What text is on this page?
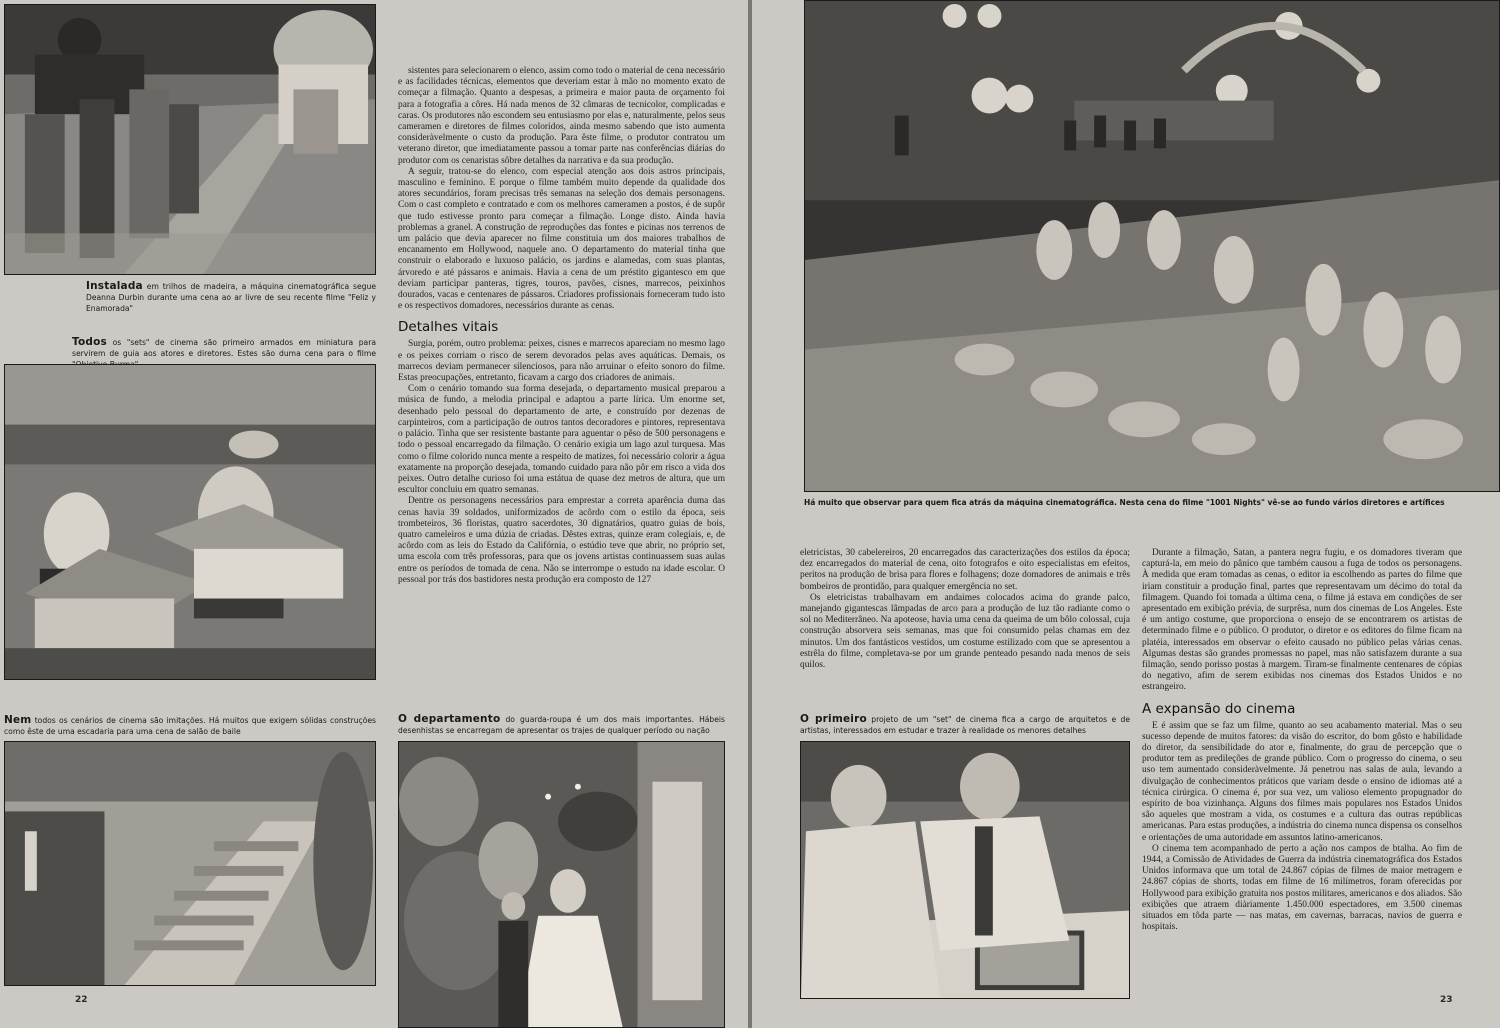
Instalada em trilhos de madeira, a máquina cinematográfica segue Deanna Durbin durante uma cena ao ar livre de seu recente filme "Feliz y Enamorada"
Todos os "sets" de cinema são primeiro armados em miniatura para servirem de guia aos atores e diretores. Estes são duma cena para o filme
Nem todos os cenários de cinema são imitações. Há muitos que exigem sólidas construções como êste de uma escadaria para uma cena de salão de baile

sistentes para selecionarem o elenco, assim como todo o material de cena necessário e as facilidades técnicas, elementos que deveriam estar à mão no momento exato de começar a filmação. Quanto a despesas, a primeira e maior pauta de orçamento foi para a fotografia a côres. Há nada menos de 32 câmaras de tecnicolor, complicadas e caras. Os produtores não escondem seu entusiasmo por elas e, naturalmente, pelos seus cameramen e diretores de filmes coloridos, ainda mesmo sabendo que isto aumenta consideràvelmente o custo da produção. Para êste filme, o produtor contratou um veterano diretor, que imediatamente passou a tomar parte nas conferências diárias do produtor com os cenaristas sôbre detalhes da narrativa e da sua produção.

A seguir, tratou-se do elenco, com especial atenção aos dois astros principais, masculino e feminino. E porque o filme também muito depende da qualidade dos atores secundários, foram precisas três semanas na seleção dos demais personagens. Com o cast completo e contratado e com os melhores cameramen a postos, é de supôr que tudo estivesse pronto para começar a filmação. Longe disto. Ainda havia problemas a granel. A construção de reproduções das fontes e picinas nos terrenos de um palácio que devia aparecer no filme constituia um dos maiores trabalhos de encanamento em Hollywood, naquele ano. O departamento do material tinha que construir o elaborado e luxuoso palácio, os jardins e alamedas, com suas plantas, árvoredo e até pássaros e animais. Havia a cena de um préstito gigantesco em que deviam participar panteras, tigres, touros, pavões, cisnes, marrecos, peixinhos dourados, vacas e centenares de pássaros. Criadores profissionais forneceram tudo isto e os respectivos domadores, necessários durante as cenas.

Detalhes vitais

Surgia, porém, outro problema: peixes, cisnes e marrecos apareciam no mesmo lago e os peixes corriam o risco de serem devorados pelas aves aquáticas. Demais, os marrecos deviam permanecer silenciosos, para não arruinar o efeito sonoro do filme. Estas preocupações, entretanto, ficavam a cargo dos criadores de animais.

Com o cenário tomando sua forma desejada, o departamento musical preparou a música de fundo, a melodia principal e adaptou a parte lírica. Um enorme set, desenhado pelo pessoal do departamento de arte, e construído por dezenas de carpinteiros, com a participação de outros tantos decoradores e pintores, representava o palácio. Tinha que ser resistente bastante para aguentar o pêso de 500 personagens e todo o pessoal encarregado da filmação. O cenário exigia um lago azul turquesa. Mas como o filme colorido nunca mente a respeito de matizes, foi necessário colorir a água exatamente na proporção desejada, tomando cuidado para não pôr em risco a vida dos peixes. Outro detalhe curioso foi uma estátua de quase dez metros de altura, que um escultor concluiu em quatro semanas.

Dentre os personagens necessários para emprestar a correta aparência duma das cenas havia 39 soldados, uniformizados de acôrdo com o estilo da época, seis trombeteiros, 36 floristas, quatro sacerdotes, 30 dignatários, quatro guias de bois, quatro cameleiros e uma dúzia de criadas. Dêstes extras, quinze eram colegiais, e, de acôrdo com as leis do Estado da Califórnia, o estúdio teve que abrir, no próprio set, uma escola com três professoras, para que os jovens artistas continuassem suas aulas entre os períodos de tomada de cena. Não se interrompe o estudo na idade escolar. O pessoal por trás dos bastidores nesta produção era composto de 127

O departamento do guarda-roupa é um dos mais importantes. Hábeis desenhistas se encarregam de apresentar os trajes de qualquer período ou nação
22
Há muito que observar para quem fica atrás da máquina cinematográfica. Nesta cena do filme "1001 Nights" vê-se ao fundo vários diretores e artífices

eletricistas, 30 cabelereiros, 20 encarregados das caracterizações dos estilos da época; dez encarregados do material de cena, oito fotografos e oito especialistas em efeitos, peritos na produção de brisa para flores e folhagens; doze domadores de animais e três bombeiros de prontidão, para qualquer emergência no set.

Os eletricistas trabalhavam em andaimes colocados acima do grande palco, manejando gigantescas lâmpadas de arco para a produção de luz tão radiante como o sol no Mediterrâneo. Na apoteose, havia uma cena da queima de um bôlo colossal, cuja construção absorvera seis semanas, mas que foi consumido pelas chamas em dez minutos. Um dos fantásticos vestidos, um costume estilizado com que se apresentou a estrêla do filme, completava-se por um grande penteado pesando nada menos de seis quilos.

O primeiro projeto de um "set" de cinema fica a cargo de arquitetos e de artistas, interessados em estudar e trazer à realidade os menores detalhes

Durante a filmação, Satan, a pantera negra fugiu, e os domadores tiveram que capturá-la, em meio do pânico que também causou a fuga de todos os personagens. À medida que eram tomadas as cenas, o editor ia escolhendo as partes do filme que iriam constituir a produção final, partes que representavam um décimo do total da filmagem. Quando foi tomada a última cena, o filme já estava em condições de ser apresentado em exibição prévia, de surprêsa, num dos cinemas de Los Angeles. Este é um antigo costume, que proporciona o ensejo de se encontrarem os artistas de determinado filme e o público. O produtor, o diretor e os editores do filme ficam na platéia, interessados em observar o efeito causado no público pelas várias cenas. Algumas destas são grandes promessas no papel, mas não satisfazem durante a sua filmação, sendo porisso postas à margem. Tiram-se finalmente centenares de cópias do negativo, afim de serem exibidas nos cinemas dos Estados Unidos e no estrangeiro.

A expansão do cinema

E é assim que se faz um filme, quanto ao seu acabamento material. Mas o seu sucesso depende de muitos fatores: da visão do escritor, do bom gôsto e habilidade do diretor, da sensibilidade do ator e, finalmente, do grau de percepção que o produtor tem as predileções de grande público. Com o progresso do cinema, o seu uso tem aumentado consideràvelmente. Já penetrou nas salas de aula, levando a divulgação de conhecimentos práticos que variam desde o ensino de idiomas até a técnica cirúrgica. O cinema é, por sua vez, um valioso elemento propugnador do espírito de boa vizinhança. Alguns dos filmes mais populares nos Estados Unidos são aqueles que mostram a vida, os costumes e a cultura das outras repúblicas americanas. Para estas produções, a indústria do cinema nunca dispensa os conselhos e orientações de uma autoridade em assuntos latino-americanos.

O cinema tem acompanhado de perto a ação nos campos de btalha. Ao fim de 1944, a Comissão de Atividades de Guerra da indústria cinematográfica dos Estados Unidos informava que um total de 24.867 cópias de filmes de maior metragem e 24.867 cópias de shorts, todas em filme de 16 milímetros, foram oferecidas por Hollywood para exibição gratuita nos postos militares, americanos e dos aliados. São exibições que atraem diàriamente 1.450.000 espectadores, em 3.500 cinemas situados em tôda parte — nas matas, em cavernas, barracas, navios de guerra e hospitais.

23
